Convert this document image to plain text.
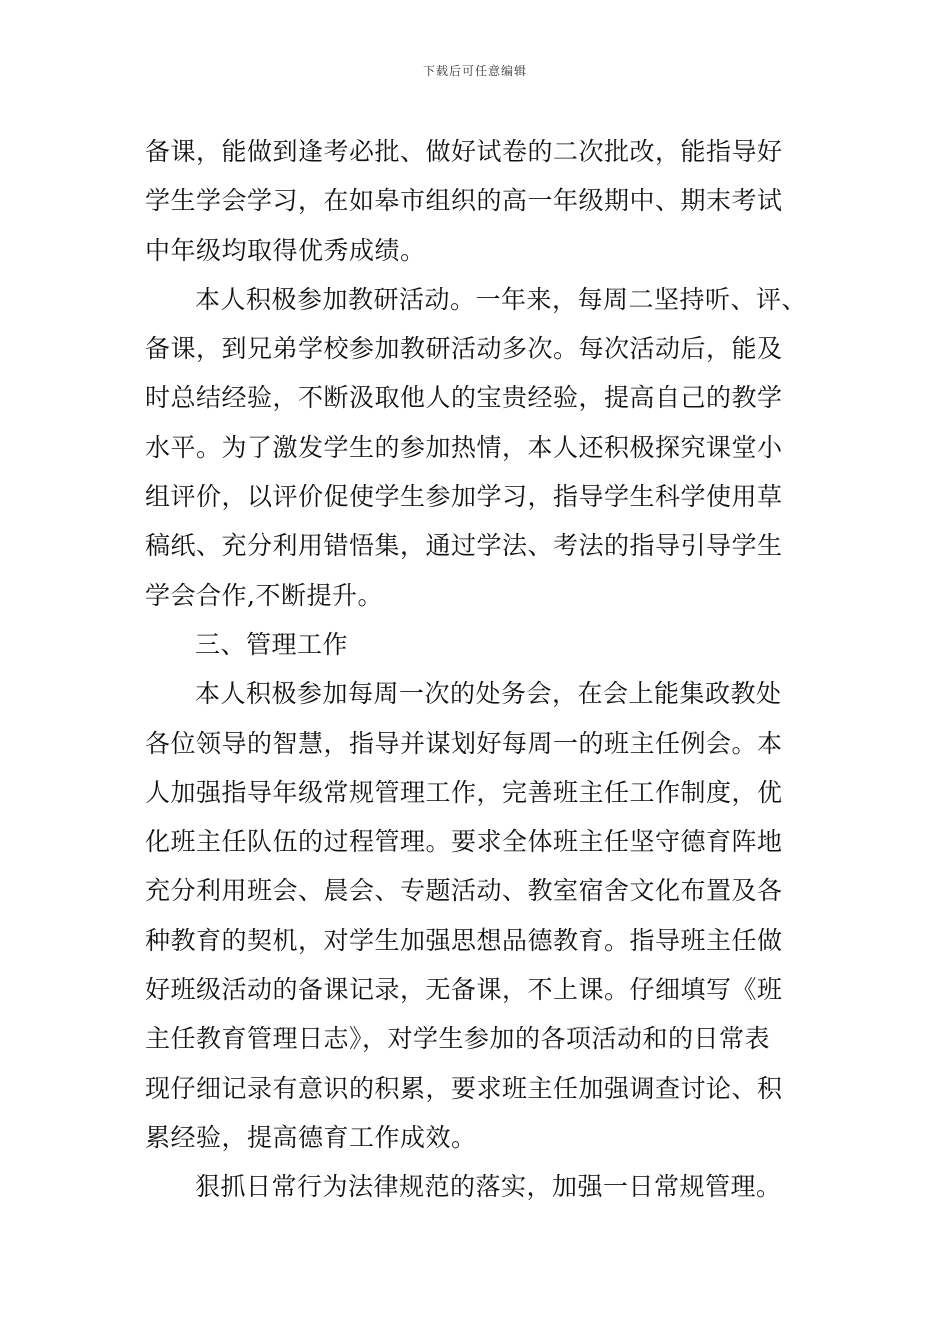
下载后可任意编辑
备课，能做到逢考必批、做好试卷的二次批改，能指导好
学生学会学习，在如皋市组织的高一年级期中、期末考试
中年级均取得优秀成绩。
本人积极参加教研活动。一年来，每周二坚持听、评、
备课，到兄弟学校参加教研活动多次。每次活动后，能及
时总结经验，不断汲取他人的宝贵经验，提高自己的教学
水平。为了激发学生的参加热情，本人还积极探究课堂小
组评价，以评价促使学生参加学习，指导学生科学使用草
稿纸、充分利用错悟集，通过学法、考法的指导引导学生
学会合作,不断提升。
三、管理工作
本人积极参加每周一次的处务会，在会上能集政教处
各位领导的智慧，指导并谋划好每周一的班主任例会。本
人加强指导年级常规管理工作，完善班主任工作制度，优
化班主任队伍的过程管理。要求全体班主任坚守德育阵地
充分利用班会、晨会、专题活动、教室宿舍文化布置及各
种教育的契机，对学生加强思想品德教育。指导班主任做
好班级活动的备课记录，无备课，不上课。仔细填写《班
主任教育管理日志》，对学生参加的各项活动和的日常表
现仔细记录有意识的积累，要求班主任加强调查讨论、积
累经验，提高德育工作成效。
狠抓日常行为法律规范的落实，加强一日常规管理。
